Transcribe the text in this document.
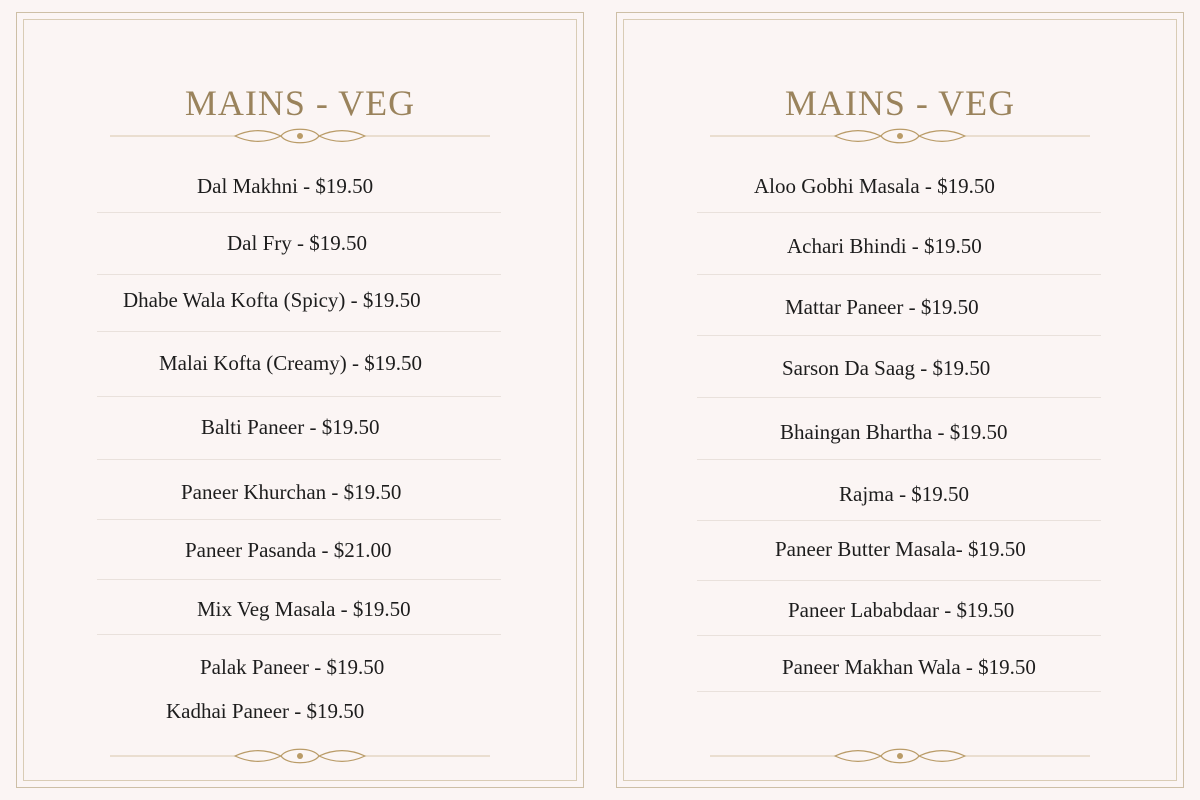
MAINS - VEG
Dal Makhni - $19.50
Dal Fry - $19.50
Dhabe Wala Kofta (Spicy) - $19.50
Malai Kofta (Creamy) - $19.50
Balti Paneer - $19.50
Paneer Khurchan - $19.50
Paneer Pasanda - $21.00
Mix Veg Masala - $19.50
Palak Paneer - $19.50
Kadhai Paneer - $19.50
MAINS - VEG
Aloo Gobhi Masala - $19.50
Achari Bhindi - $19.50
Mattar Paneer - $19.50
Sarson Da Saag - $19.50
Bhaingan Bhartha - $19.50
Rajma - $19.50
Paneer Butter Masala- $19.50
Paneer Lababdaar - $19.50
Paneer Makhan Wala - $19.50
